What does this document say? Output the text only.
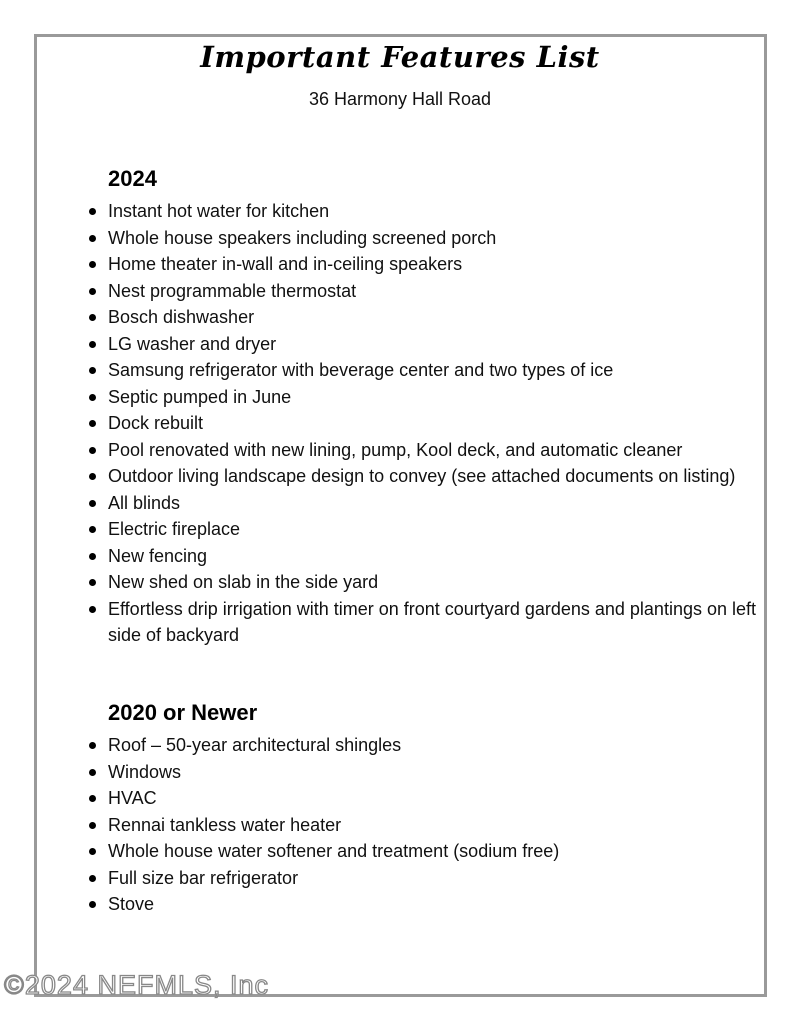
Important Features List
36 Harmony Hall Road
2024
Instant hot water for kitchen
Whole house speakers including screened porch
Home theater in-wall and in-ceiling speakers
Nest programmable thermostat
Bosch dishwasher
LG washer and dryer
Samsung refrigerator with beverage center and two types of ice
Septic pumped in June
Dock rebuilt
Pool renovated with new lining, pump, Kool deck, and automatic cleaner
Outdoor living landscape design to convey (see attached documents on listing)
All blinds
Electric fireplace
New fencing
New shed on slab in the side yard
Effortless drip irrigation with timer on front courtyard gardens and plantings on left side of backyard
2020 or Newer
Roof – 50-year architectural shingles
Windows
HVAC
Rennai tankless water heater
Whole house water softener and treatment (sodium free)
Full size bar refrigerator
Stove
©2024 NEFMLS, Inc
